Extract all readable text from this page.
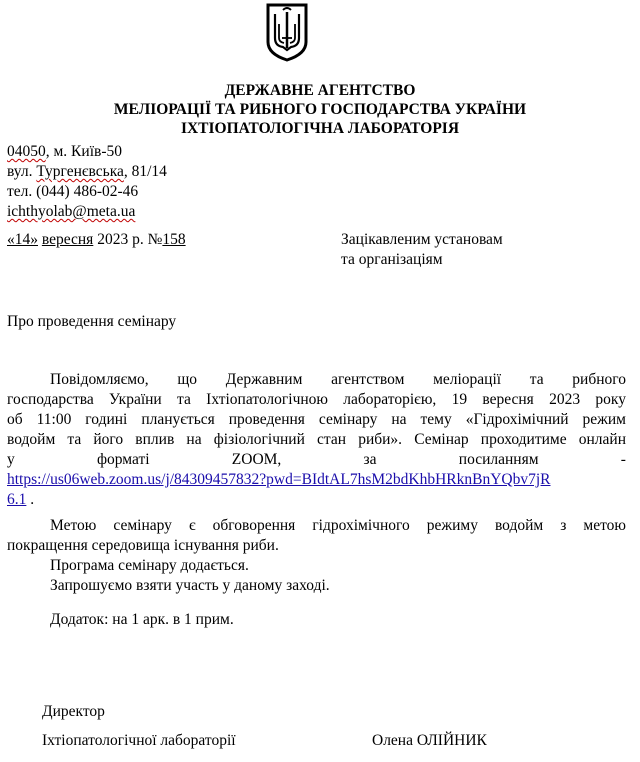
ДЕРЖАВНЕ АГЕНТСТВО
МЕЛІОРАЦІЇ ТА РИБНОГО ГОСПОДАРСТВА УКРАЇНИ
ІХТІОПАТОЛОГІЧНА ЛАБОРАТОРІЯ
04050, м. Київ-50
вул. Тургенєвська, 81/14
тел. (044) 486-02-46
ichthyolab@meta.ua
«14» вересня 2023 р. №158	Зацікавленим установам
та організаціям
Про проведення семінару
Повідомляємо, що Державним агентством меліорації та рибного
господарства України та Іхтіопатологічною лабораторією, 19 вересня 2023 року
об 11:00 годині планується проведення семінару на тему «Гідрохімічний режим
водойм та його вплив на фізіологічний стан риби». Семінар проходитиме онлайн
у	форматі	ZOOM,	за	посиланням	-
https://us06web.zoom.us/j/84309457832?pwd=BIdtAL7hsM2bdKhbHRknBnYQbv7jR
6.1 .
Метою семінару є обговорення гідрохімічного режиму водойм з метою
покращення середовища існування риби.
Програма семінару додається.
Запрошуємо взяти участь у даному заході.
Додаток: на 1 арк. в 1 прим.
Директор
Іхтіопатологічної лабораторії	Олена ОЛІЙНИК
